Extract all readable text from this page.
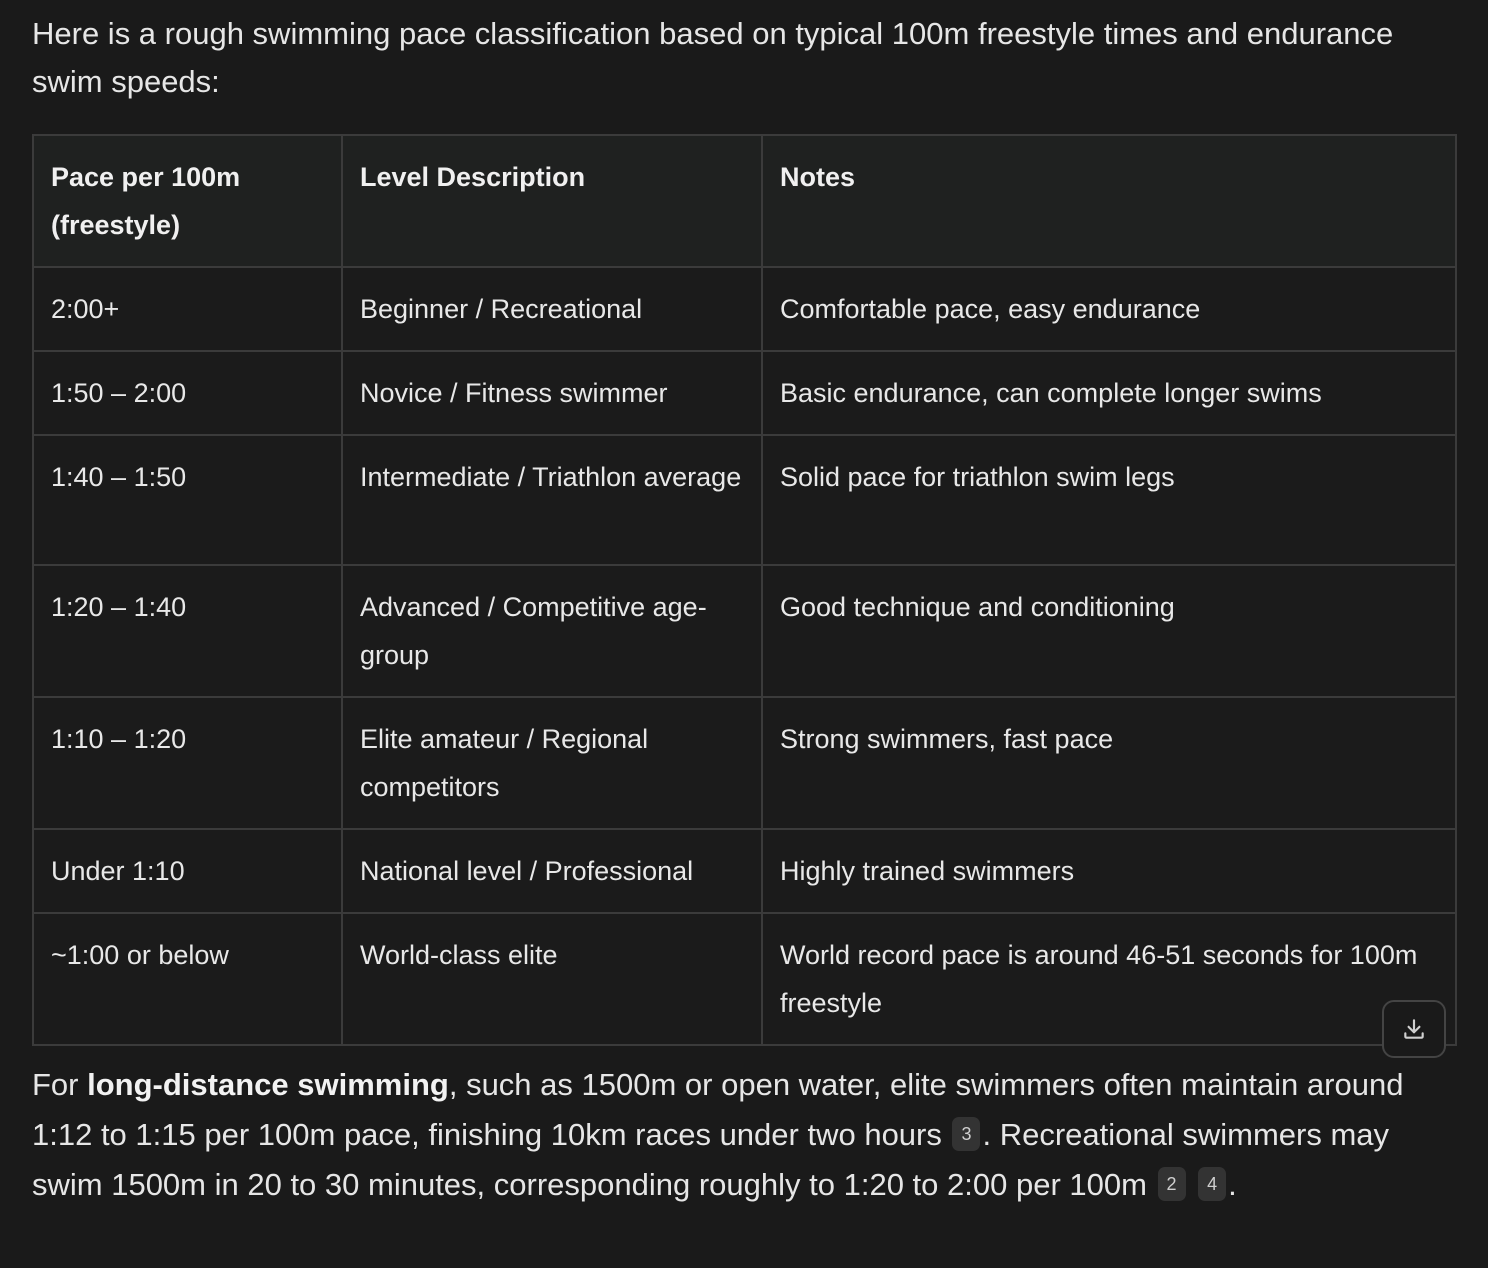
Here is a rough swimming pace classification based on typical 100m freestyle times and endurance swim speeds:
Pace per 100m (freestyle)	Level Description	Notes
2:00+	Beginner / Recreational	Comfortable pace, easy endurance
1:50 – 2:00	Novice / Fitness swimmer	Basic endurance, can complete longer swims
1:40 – 1:50	Intermediate / Triathlon average	Solid pace for triathlon swim legs
1:20 – 1:40	Advanced / Competitive age-group	Good technique and conditioning
1:10 – 1:20	Elite amateur / Regional competitors	Strong swimmers, fast pace
Under 1:10	National level / Professional	Highly trained swimmers
~1:00 or below	World-class elite	World record pace is around 46-51 seconds for 100m freestyle
For long-distance swimming, such as 1500m or open water, elite swimmers often maintain around 1:12 to 1:15 per 100m pace, finishing 10km races under two hours 3 . Recreational swimmers may swim 1500m in 20 to 30 minutes, corresponding roughly to 1:20 to 2:00 per 100m 2 4 .
